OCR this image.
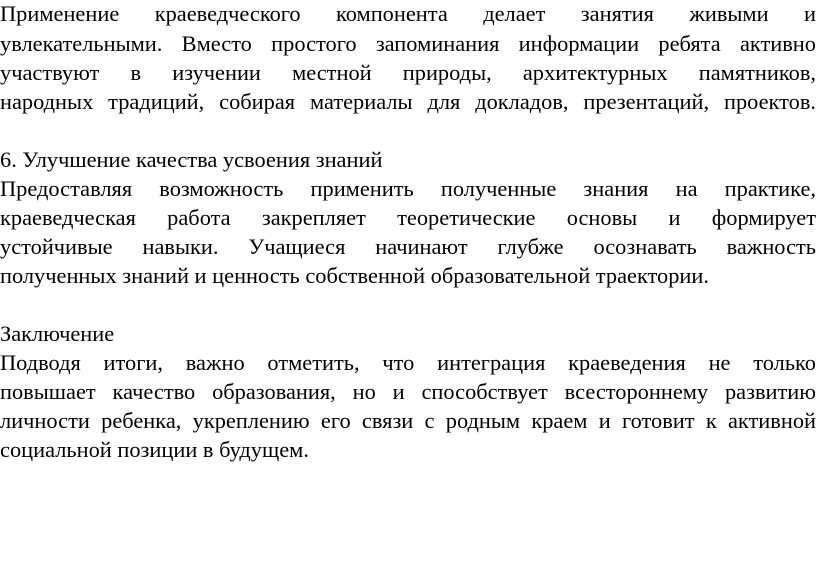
Применение краеведческого компонента делает занятия живыми и
увлекательными. Вместо простого запоминания информации ребята активно
участвуют в изучении местной природы, архитектурных памятников,
народных традиций, собирая материалы для докладов, презентаций, проектов.
6. Улучшение качества усвоения знаний
Предоставляя возможность применить полученные знания на практике,
краеведческая работа закрепляет теоретические основы и формирует
устойчивые навыки. Учащиеся начинают глубже осознавать важность
полученных знаний и ценность собственной образовательной траектории.
Заключение
Подводя итоги, важно отметить, что интеграция краеведения не только
повышает качество образования, но и способствует всестороннему развитию
личности ребенка, укреплению его связи с родным краем и готовит к активной
социальной позиции в будущем.
